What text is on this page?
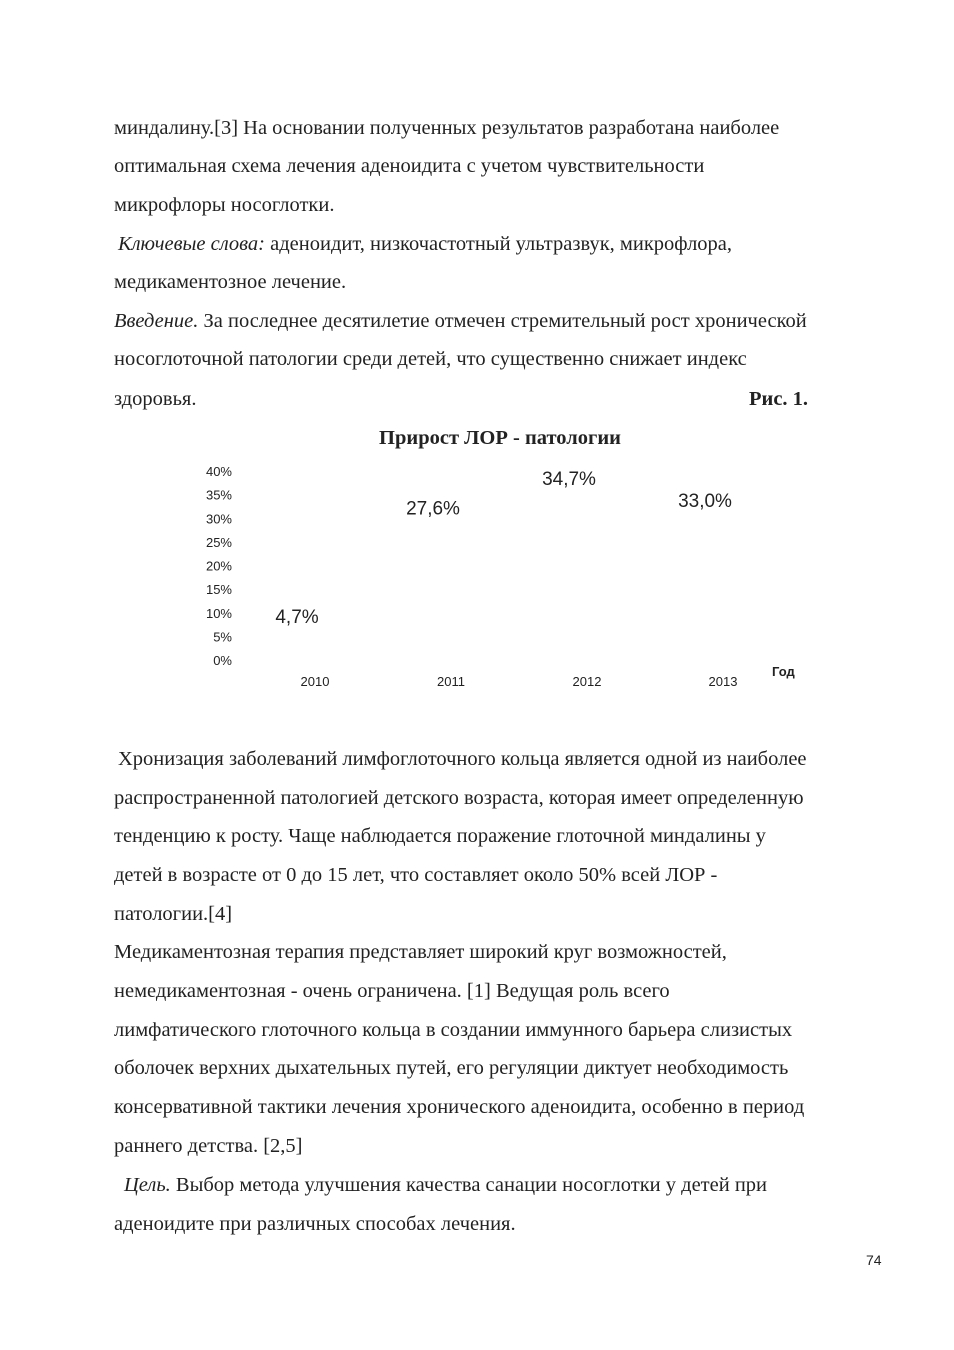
миндалину.[3] На основании полученных результатов разработана наиболее
оптимальная схема лечения аденоидита с учетом чувствительности
микрофлоры носоглотки.
Ключевые слова: аденоидит, низкочастотный ультразвук, микрофлора,
медикаментозное лечение.
Введение. За последнее десятилетие отмечен стремительный рост хронической
носоглоточной патологии среди детей, что существенно снижает индекс
здоровья.	Рис. 1.
Прирост ЛОР - патологии
0%
5%
10%
15%
20%
25%
30%
35%
40%
2010	2011	2012	2013
Год
4,7%
27,6%
34,7%
33,0%
Хронизация заболеваний лимфоглоточного кольца является одной из наиболее
распространенной патологией детского возраста, которая имеет определенную
тенденцию к росту. Чаще наблюдается поражение глоточной миндалины у
детей в возрасте от 0 до 15 лет, что составляет около 50% всей ЛОР -
патологии.[4]
Медикаментозная терапия представляет широкий круг возможностей,
немедикаментозная - очень ограничена. [1] Ведущая роль всего
лимфатического глоточного кольца в создании иммунного барьера слизистых
оболочек верхних дыхательных путей, его регуляции диктует необходимость
консервативной тактики лечения хронического аденоидита, особенно в период
раннего детства. [2,5]
Цель. Выбор метода улучшения качества санации носоглотки у детей при
аденоидите при различных способах лечения.
74
